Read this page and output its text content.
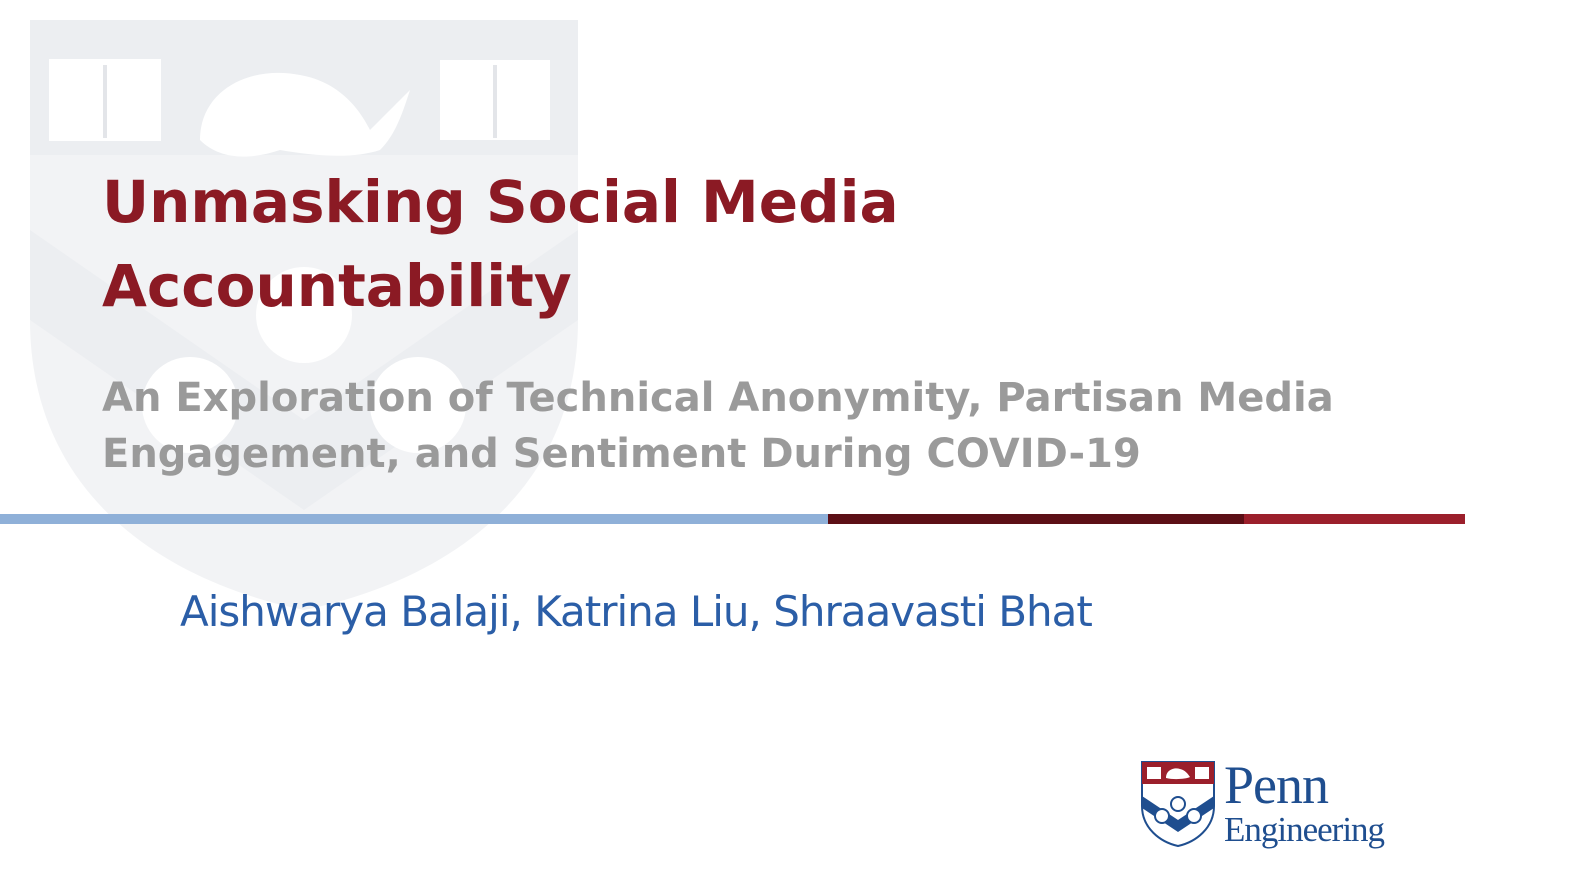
Unmasking Social Media
Accountability
An Exploration of Technical Anonymity, Partisan Media
Engagement, and Sentiment During COVID-19

Aishwarya Balaji, Katrina Liu, Shraavasti Bhat

Penn
Engineering
